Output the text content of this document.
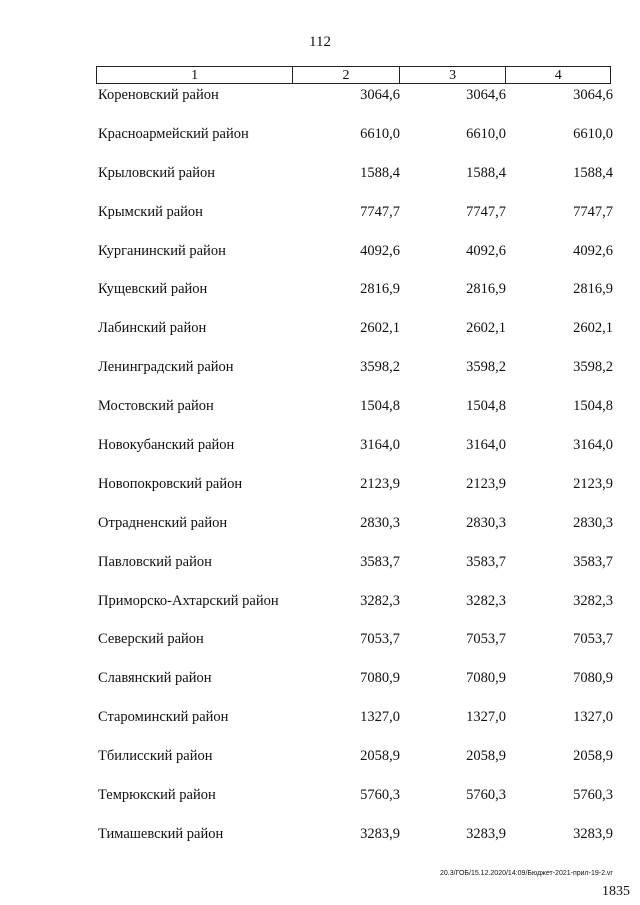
112
1	2	3	4
Кореновский район	3064,6	3064,6	3064,6
Красноармейский район	6610,0	6610,0	6610,0
Крыловский район	1588,4	1588,4	1588,4
Крымский район	7747,7	7747,7	7747,7
Курганинский район	4092,6	4092,6	4092,6
Кущевский район	2816,9	2816,9	2816,9
Лабинский район	2602,1	2602,1	2602,1
Ленинградский район	3598,2	3598,2	3598,2
Мостовский район	1504,8	1504,8	1504,8
Новокубанский район	3164,0	3164,0	3164,0
Новопокровский район	2123,9	2123,9	2123,9
Отрадненский район	2830,3	2830,3	2830,3
Павловский район	3583,7	3583,7	3583,7
Приморско-Ахтарский район	3282,3	3282,3	3282,3
Северский район	7053,7	7053,7	7053,7
Славянский район	7080,9	7080,9	7080,9
Староминский район	1327,0	1327,0	1327,0
Тбилисский район	2058,9	2058,9	2058,9
Темрюкский район	5760,3	5760,3	5760,3
Тимашевский район	3283,9	3283,9	3283,9
20.3/ГОБ/15.12.2020/14:09/Бюджет-2021-прил-19-2.vr
1835
